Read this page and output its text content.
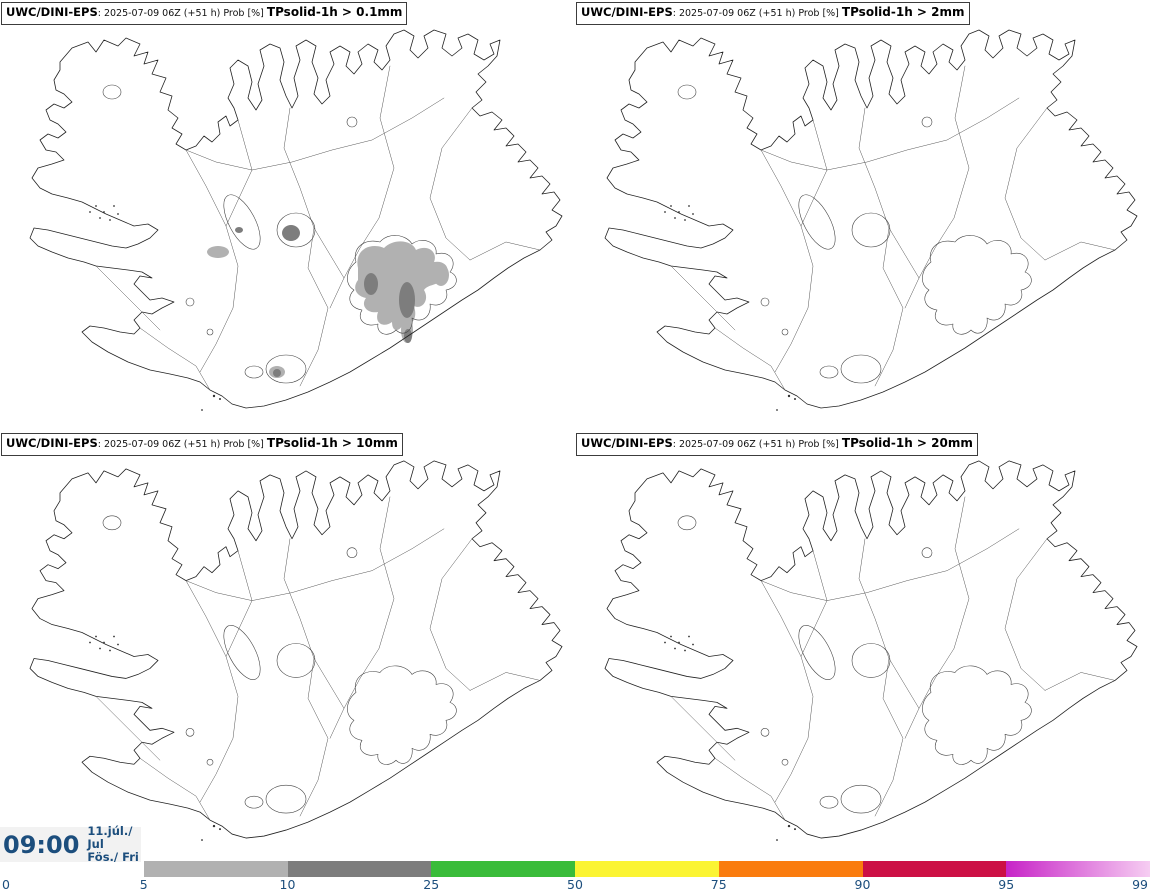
UWC/DINI-EPS: 2025-07-09 06Z (+51 h) Prob [%] TPsolid-1h > 0.1mm	UWC/DINI-EPS: 2025-07-09 06Z (+51 h) Prob [%] TPsolid-1h > 2mm
UWC/DINI-EPS: 2025-07-09 06Z (+51 h) Prob [%] TPsolid-1h > 10mm	UWC/DINI-EPS: 2025-07-09 06Z (+51 h) Prob [%] TPsolid-1h > 20mm
09:00 11.júl./ Jul
Fös./ Fri
0	5	10	25	50	75	90	95	99
